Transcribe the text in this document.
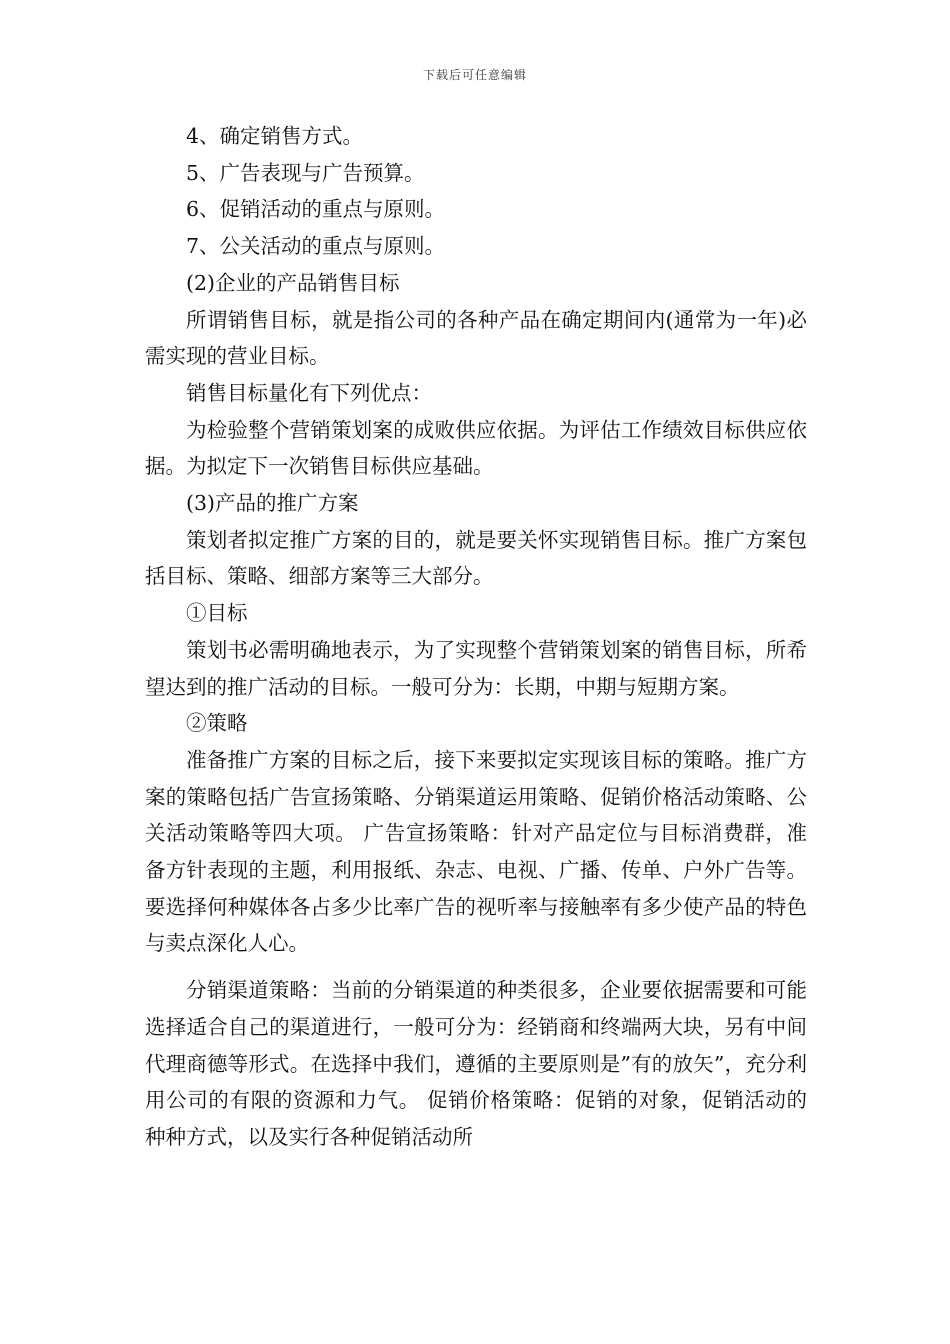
下载后可任意编辑

4、确定销售方式。

5、广告表现与广告预算。

6、促销活动的重点与原则。

7、公关活动的重点与原则。

(2)企业的产品销售目标

所谓销售目标，就是指公司的各种产品在确定期间内(通常为一年)必需实现的营业目标。

销售目标量化有下列优点：

为检验整个营销策划案的成败供应依据。为评估工作绩效目标供应依据。为拟定下一次销售目标供应基础。

(3)产品的推广方案

策划者拟定推广方案的目的，就是要关怀实现销售目标。推广方案包括目标、策略、细部方案等三大部分。

①目标

策划书必需明确地表示，为了实现整个营销策划案的销售目标，所希望达到的推广活动的目标。一般可分为：长期，中期与短期方案。

②策略

准备推广方案的目标之后，接下来要拟定实现该目标的策略。推广方案的策略包括广告宣扬策略、分销渠道运用策略、促销价格活动策略、公关活动策略等四大项。 广告宣扬策略：针对产品定位与目标消费群，准备方针表现的主题，利用报纸、杂志、电视、广播、传单、户外广告等。要选择何种媒体各占多少比率广告的视听率与接触率有多少使产品的特色与卖点深化人心。

分销渠道策略：当前的分销渠道的种类很多，企业要依据需要和可能选择适合自己的渠道进行，一般可分为：经销商和终端两大块，另有中间代理商德等形式。在选择中我们，遵循的主要原则是”有的放矢”，充分利用公司的有限的资源和力气。 促销价格策略：促销的对象，促销活动的种种方式，以及实行各种促销活动所
